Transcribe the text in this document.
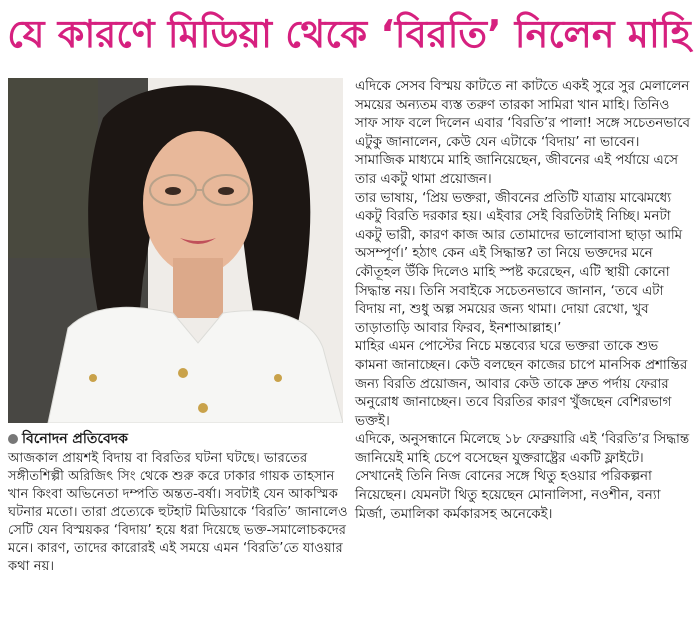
যে কারণে মিডিয়া থেকে ‘বিরতি’ নিলেন মাহি
বিনোদন প্রতিবেদক

আজকাল প্রায়শই বিদায় বা বিরতির ঘটনা ঘটছে। ভারতের সঙ্গীতশিল্পী অরিজিৎ সিং থেকে শুরু করে ঢাকার গায়ক তাহসান খান কিংবা অভিনেতা দম্পতি অন্তত-বর্ষা। সবটাই যেন আকস্মিক ঘটনার মতো। তারা প্রত্যেকে হুটহাট মিডিয়াকে ‘বিরতি’ জানালেও সেটি যেন বিস্ময়কর ‘বিদায়’ হয়ে ধরা দিয়েছে ভক্ত-সমালোচকদের মনে। কারণ, তাদের কারোরই এই সময়ে এমন ‘বিরতি’তে যাওয়ার কথা নয়।

এদিকে সেসব বিস্ময় কাটতে না কাটতে একই সুরে সুর মেলালেন সময়ের অন্যতম ব্যস্ত তরুণ তারকা সামিরা খান মাহি। তিনিও সাফ সাফ বলে দিলেন এবার ‘বিরতি’র পালা! সঙ্গে সচেতনভাবে এটুকু জানালেন, কেউ যেন এটাকে ‘বিদায়’ না ভাবেন। সামাজিক মাধ্যমে মাহি জানিয়েছেন, জীবনের এই পর্যায়ে এসে তার একটু থামা প্রয়োজন।

তার ভাষায়, ‘প্রিয় ভক্তরা, জীবনের প্রতিটি যাত্রায় মাঝেমধ্যে একটু বিরতি দরকার হয়। এইবার সেই বিরতিটাই নিচ্ছি। মনটা একটু ভারী, কারণ কাজ আর তোমাদের ভালোবাসা ছাড়া আমি অসম্পূর্ণ।’ হঠাৎ কেন এই সিদ্ধান্ত? তা নিয়ে ভক্তদের মনে কৌতূহল উঁকি দিলেও মাহি স্পষ্ট করেছেন, এটি স্থায়ী কোনো সিদ্ধান্ত নয়। তিনি সবাইকে সচেতনভাবে জানান, ‘তবে এটা বিদায় না, শুধু অল্প সময়ের জন্য থামা। দোয়া রেখো, খুব তাড়াতাড়ি আবার ফিরব, ইনশাআল্লাহ।’

মাহির এমন পোস্টের নিচে মন্তব্যের ঘরে ভক্তরা তাকে শুভ কামনা জানাচ্ছেন। কেউ বলছেন কাজের চাপে মানসিক প্রশান্তির জন্য বিরতি প্রয়োজন, আবার কেউ তাকে দ্রুত পর্দায় ফেরার অনুরোধ জানাচ্ছেন। তবে বিরতির কারণ খুঁজছেন বেশিরভাগ ভক্তই।

এদিকে, অনুসন্ধানে মিলেছে ১৮ ফেব্রুয়ারি এই ‘বিরতি’র সিদ্ধান্ত জানিয়েই মাহি চেপে বসেছেন যুক্তরাষ্ট্রের একটি ফ্লাইটে। সেখানেই তিনি নিজ বোনের সঙ্গে থিতু হওয়ার পরিকল্পনা নিয়েছেন। যেমনটা থিতু হয়েছেন মোনালিসা, নওশীন, বন্যা মির্জা, তমালিকা কর্মকারসহ অনেকেই।
